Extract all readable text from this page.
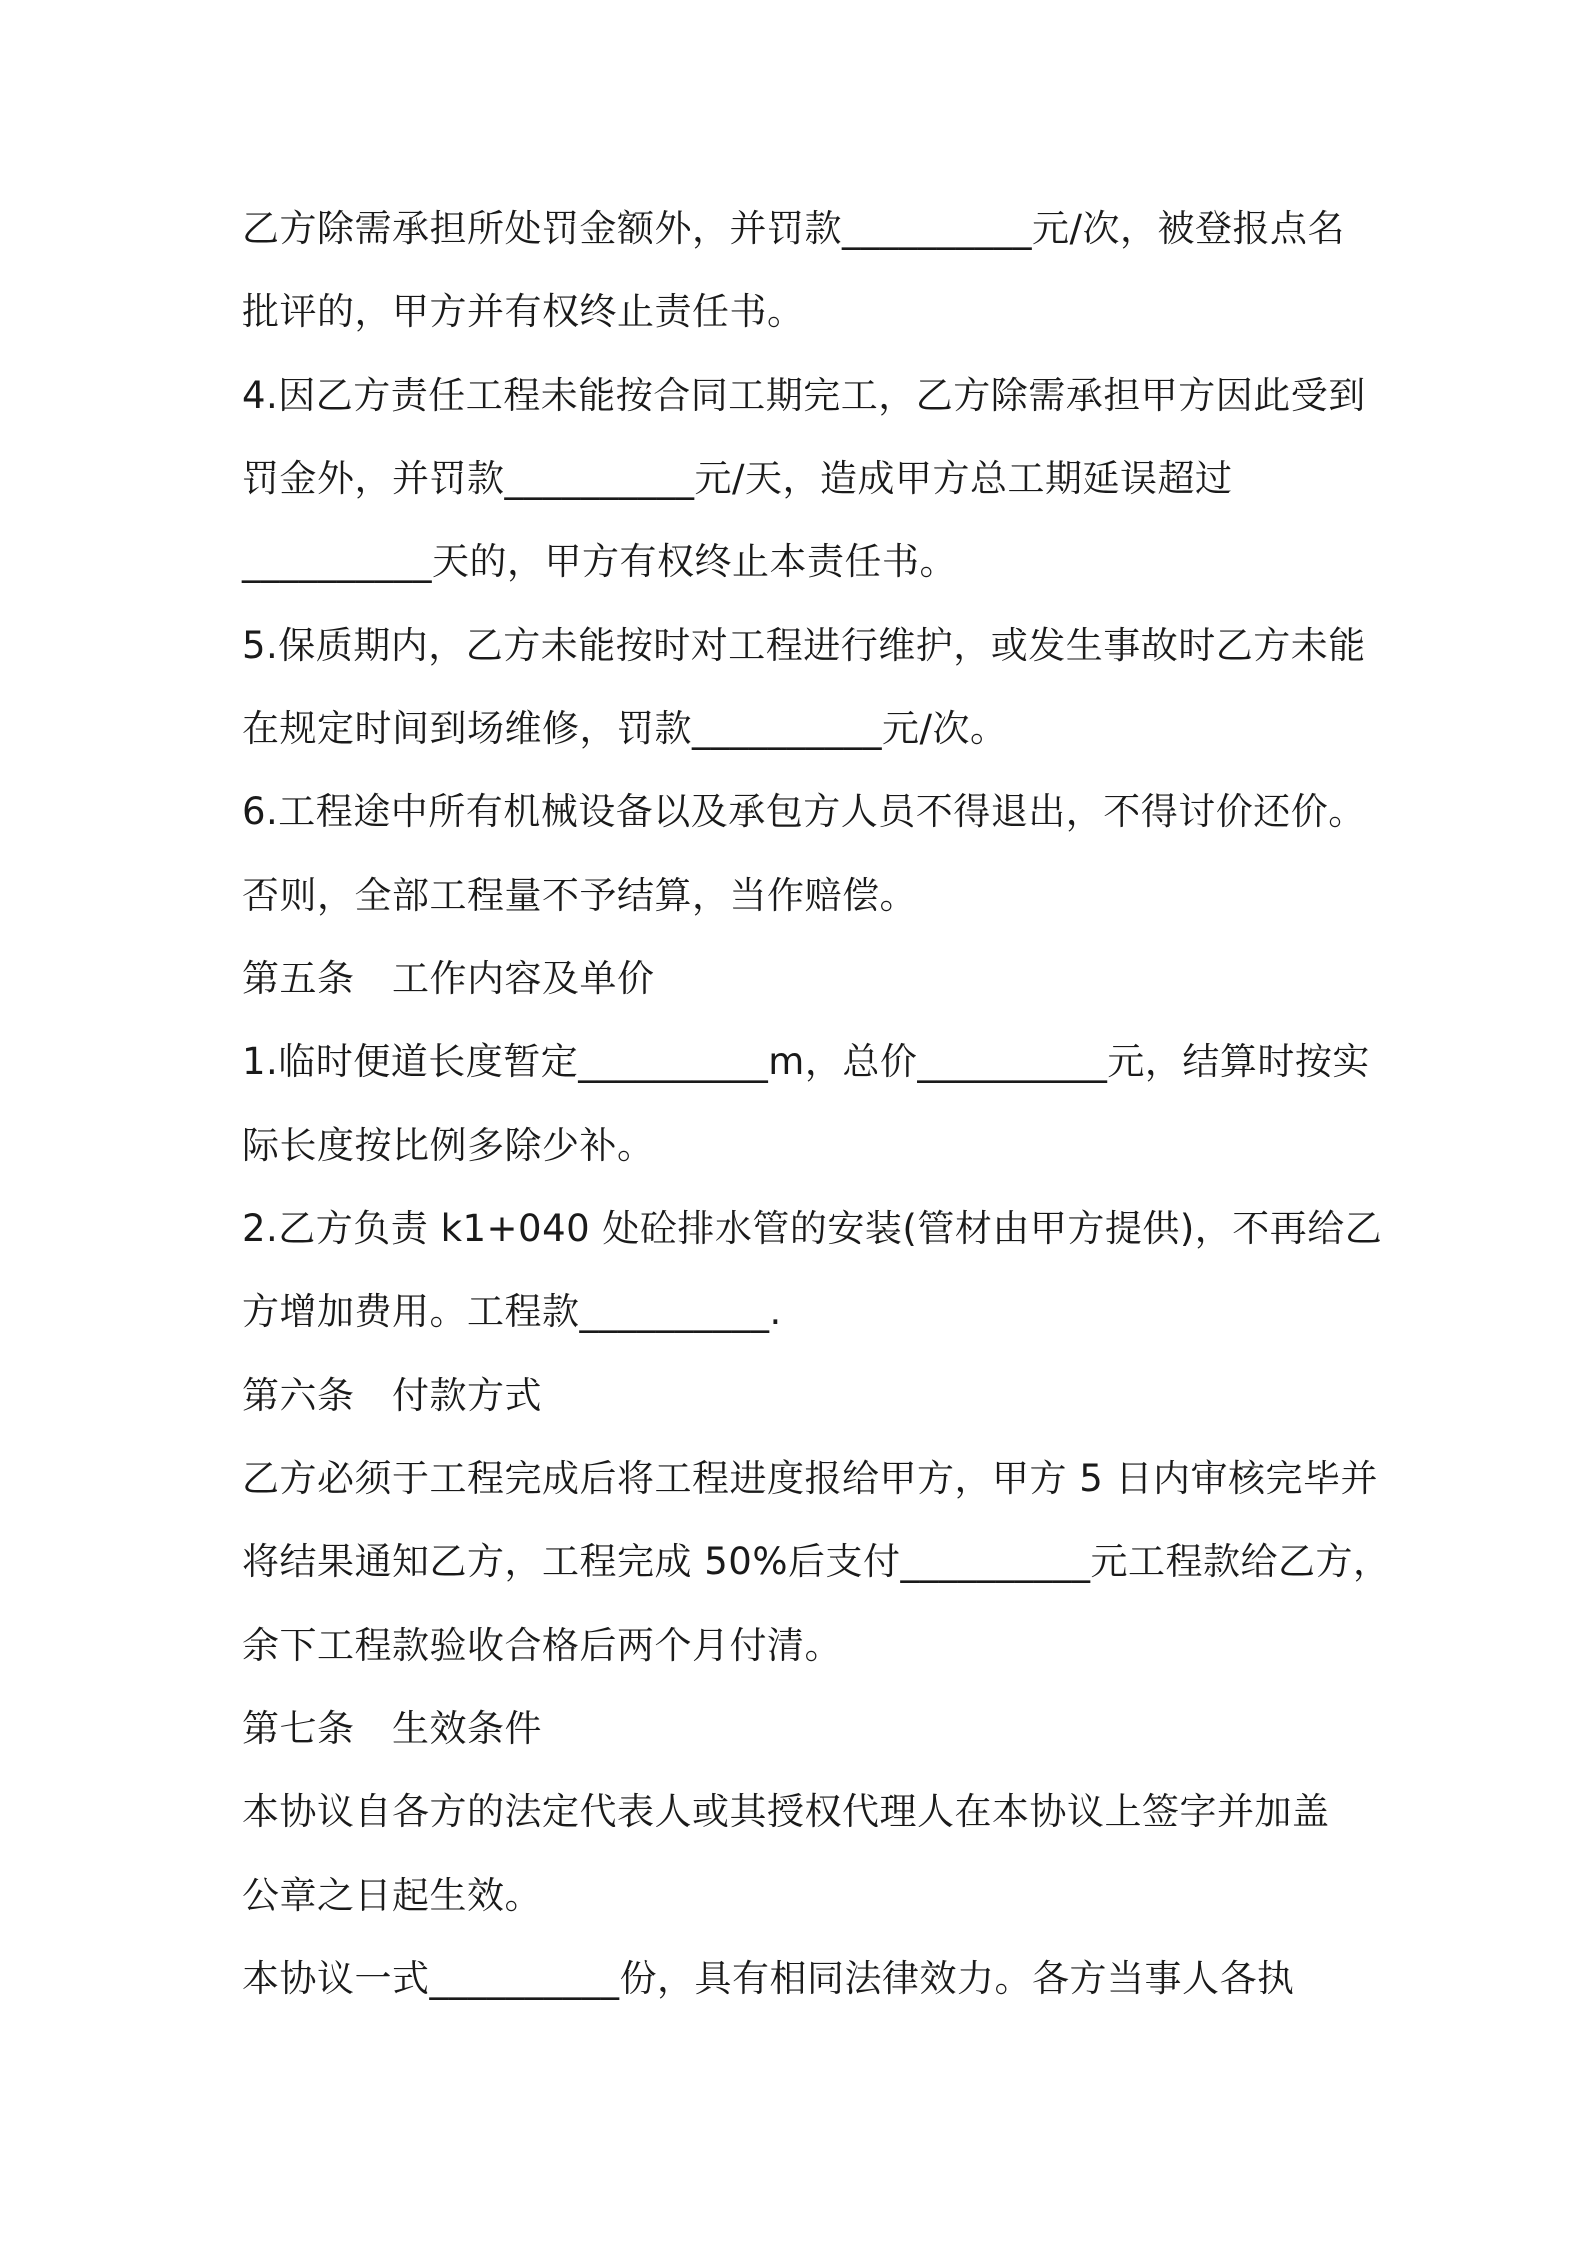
乙方除需承担所处罚金额外，并罚款__________元/次，被登报点名
批评的，甲方并有权终止责任书。
4.因乙方责任工程未能按合同工期完工，乙方除需承担甲方因此受到
罚金外，并罚款__________元/天，造成甲方总工期延误超过
__________天的，甲方有权终止本责任书。
5.保质期内，乙方未能按时对工程进行维护，或发生事故时乙方未能
在规定时间到场维修，罚款__________元/次。
6.工程途中所有机械设备以及承包方人员不得退出，不得讨价还价。
否则，全部工程量不予结算，当作赔偿。
第五条　工作内容及单价
1.临时便道长度暂定__________m，总价__________元，结算时按实
际长度按比例多除少补。
2.乙方负责 k1+040 处砼排水管的安装(管材由甲方提供)，不再给乙
方增加费用。工程款__________.
第六条　付款方式
乙方必须于工程完成后将工程进度报给甲方，甲方 5 日内审核完毕并
将结果通知乙方，工程完成 50%后支付__________元工程款给乙方，
余下工程款验收合格后两个月付清。
第七条　生效条件
本协议自各方的法定代表人或其授权代理人在本协议上签字并加盖
公章之日起生效。
本协议一式__________份，具有相同法律效力。各方当事人各执
